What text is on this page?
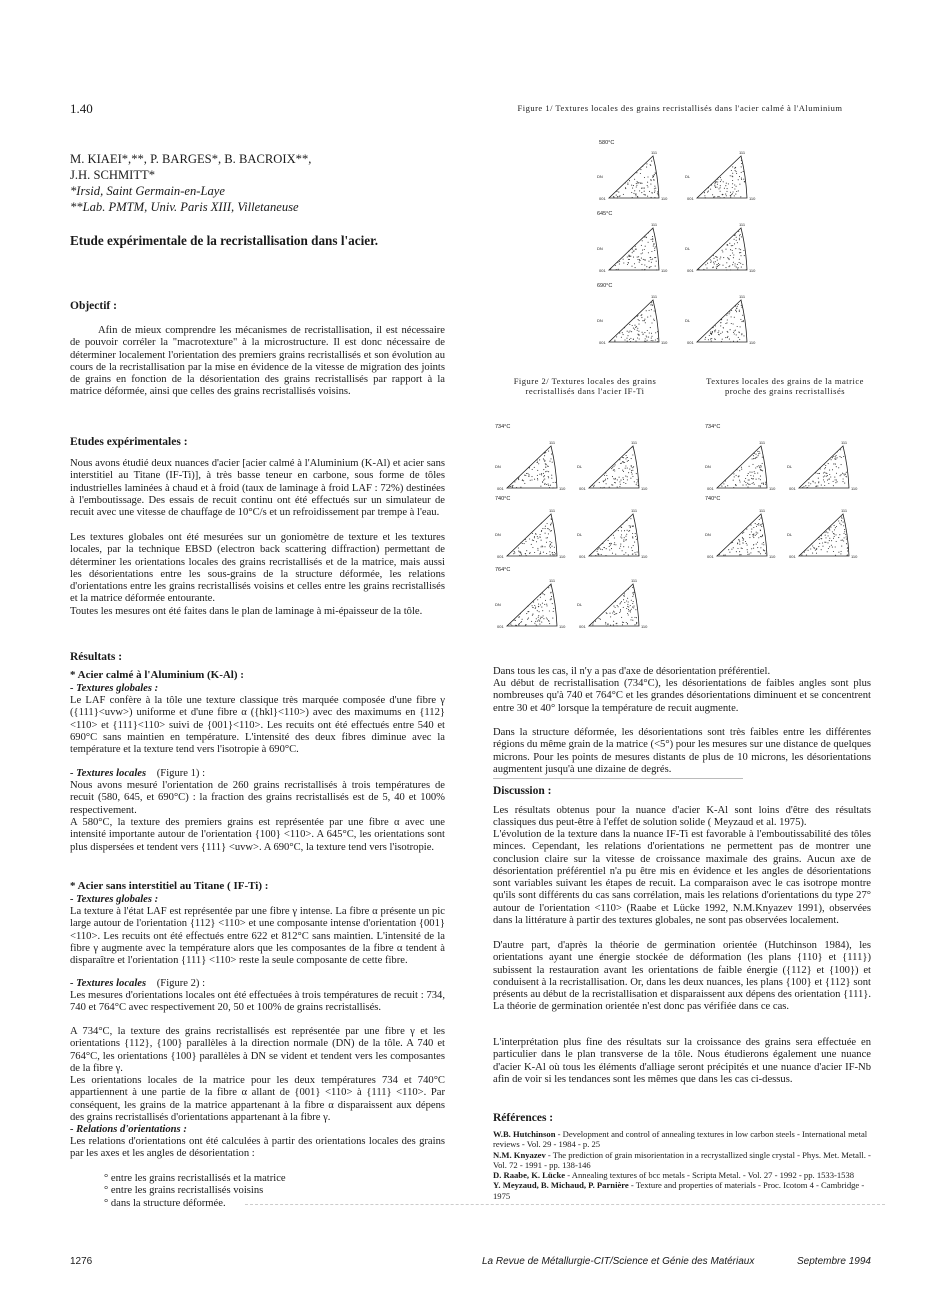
1.40
M. KIAEI*,**, P. BARGES*, B. BACROIX**,
J.H. SCHMITT*
*Irsid, Saint Germain-en-Laye
**Lab. PMTM, Univ. Paris XIII, Villetaneuse
Etude expérimentale de la recristallisation dans l'acier.
Objectif :

Afin de mieux comprendre les mécanismes de recristallisation, il est nécessaire de pouvoir corréler la "macrotexture" à la microstructure. Il est donc nécessaire de déterminer localement l'orientation des premiers grains recristallisés et son évolution au cours de la recristallisation par la mise en évidence de la vitesse de migration des joints de grains en fonction de la désorientation des grains recristallisés par rapport à la matrice déformée, ainsi que celles des grains recristallisés voisins.

Etudes expérimentales :

Nous avons étudié deux nuances d'acier [acier calmé à l'Aluminium (K-Al) et acier sans interstitiel au Titane (IF-Ti)], à très basse teneur en carbone, sous forme de tôles industrielles laminées à chaud et à froid (taux de laminage à froid LAF : 72%) destinées à l'emboutissage. Des essais de recuit continu ont été effectués sur un simulateur de recuit avec une vitesse de chauffage de 10°C/s et un refroidissement par trempe à l'eau.

Les textures globales ont été mesurées sur un goniomètre de texture et les textures locales, par la technique EBSD (electron back scattering diffraction) permettant de déterminer les orientations locales des grains recristallisés et de la matrice, mais aussi les désorientations entre les sous-grains de la structure déformée, les relations d'orientations entre les grains recristallisés voisins et celles entre les grains recristallisés et la matrice déformée entourante.

Toutes les mesures ont été faites dans le plan de laminage à mi-épaisseur de la tôle.

Résultats :
* Acier calmé à l'Aluminium (K-Al) :
- Textures globales :

Le LAF confère à la tôle une texture classique très marquée composée d'une fibre γ ({111}<uvw>) uniforme et d'une fibre α ({hkl}<110>) avec des maximums en {112}<110> et {111}<110> suivi de {001}<110>. Les recuits ont été effectués entre 540 et 690°C sans maintien en température. L'intensité des deux fibres diminue avec la température et la texture tend vers l'isotropie à 690°C.

- Textures locales (Figure 1) :

Nous avons mesuré l'orientation de 260 grains recristallisés à trois températures de recuit (580, 645, et 690°C) : la fraction des grains recristallisés est de 5, 40 et 100% respectivement.

A 580°C, la texture des premiers grains est représentée par une fibre α avec une intensité importante autour de l'orientation {100} <110>. A 645°C, les orientations sont plus dispersées et tendent vers {111} <uvw>. A 690°C, la texture tend vers l'isotropie.

* Acier sans interstitiel au Titane ( IF-Ti) :
- Textures globales :

La texture à l'état LAF est représentée par une fibre γ intense. La fibre α présente un pic large autour de l'orientation {112} <110> et une composante intense d'orientation {001} <110>. Les recuits ont été effectués entre 622 et 812°C sans maintien. L'intensité de la fibre γ augmente avec la température alors que les composantes de la fibre α tendent à disparaître et l'orientation {111} <110> reste la seule composante de cette fibre.

- Textures locales (Figure 2) :

Les mesures d'orientations locales ont été effectuées à trois températures de recuit : 734, 740 et 764°C avec respectivement 20, 50 et 100% de grains recristallisés.

A 734°C, la texture des grains recristallisés est représentée par une fibre γ et les orientations {112}, {100} parallèles à la direction normale (DN) de la tôle. A 740 et 764°C, les orientations {100} parallèles à DN se vident et tendent vers les composantes de la fibre γ.

Les orientations locales de la matrice pour les deux températures 734 et 740°C appartiennent à une partie de la fibre α allant de {001} <110> à {111} <110>. Par conséquent, les grains de la matrice appartenant à la fibre α disparaissent aux dépens des grains recristallisés d'orientations appartenant à la fibre γ.

- Relations d'orientations :

Les relations d'orientations ont été calculées à partir des orientations locales des grains par les axes et les angles de désorientation :

° entre les grains recristallisés et la matrice
° entre les grains recristallisés voisins
° dans la structure déformée.
Figure 1/ Textures locales des grains recristallisés dans l'acier calmé à l'Aluminium
580°C
645°C
690°C
111
001	110
DN
111
001	110
DL
111
001	110
DN
111
001	110
DL
111
001	110
DN
111
001	110
DL
Figure 2/ Textures locales des grains recristallisés dans l'acier IF-Ti
Textures locales des grains de la matrice proche des grains recristallisés
734°C
740°C
764°C
111
001	110
DN
111
001	110
DL
111
001	110
DN
111
001	110
DL
111
001	110
DN
111
001	110
DL
734°C
740°C
111
001	110
DN
111
001	110
DL
111
001	110
DN
111
001	110
DL

Dans tous les cas, il n'y a pas d'axe de désorientation préférentiel.

Au début de recristallisation (734°C), les désorientations de faibles angles sont plus nombreuses qu'à 740 et 764°C et les grandes désorientations diminuent et se concentrent entre 30 et 40° lorsque la température de recuit augmente.

Dans la structure déformée, les désorientations sont très faibles entre les différentes régions du même grain de la matrice (<5°) pour les mesures sur une distance de quelques microns. Pour les points de mesures distants de plus de 10 microns, les désorientations augmentent jusqu'à une dizaine de degrés.

Discussion :

Les résultats obtenus pour la nuance d'acier K-Al sont loins d'être des résultats classiques dus peut-être à l'effet de solution solide ( Meyzaud et al. 1975).

L'évolution de la texture dans la nuance IF-Ti est favorable à l'emboutissabilité des tôles minces. Cependant, les relations d'orientations ne permettent pas de montrer une conclusion claire sur la vitesse de croissance maximale des grains. Aucun axe de désorientation préférentiel n'a pu être mis en évidence et les angles de désorientations sont variables suivant les étapes de recuit. La comparaison avec le cas isotrope montre qu'ils sont différents du cas sans corrélation, mais les relations d'orientations du type 27° autour de l'orientation <110> (Raabe et Lücke 1992, N.M.Knyazev 1991), observées dans la littérature à partir des textures globales, ne sont pas observées localement.

D'autre part, d'après la théorie de germination orientée (Hutchinson 1984), les orientations ayant une énergie stockée de déformation (les plans {110} et {111}) subissent la restauration avant les orientations de faible énergie ({112} et {100}) et conduisent à la recristallisation. Or, dans les deux nuances, les plans {100} et {112} sont présents au début de la recristallisation et disparaissent aux dépens des orientation {111}. La théorie de germination orientée n'est donc pas vérifiée dans ce cas.

L'interprétation plus fine des résultats sur la croissance des grains sera effectuée en particulier dans le plan transverse de la tôle. Nous étudierons également une nuance d'acier K-Al où tous les éléments d'alliage seront précipités et une nuance d'acier IF-Nb afin de voir si les tendances sont les mêmes que dans les cas ci-dessus.

Références :

W.B. Hutchinson - Development and control of annealing textures in low carbon steels - International metal reviews - Vol. 29 - 1984 - p. 25

N.M. Knyazev - The prediction of grain misorientation in a recrystallized single crystal - Phys. Met. Metall. - Vol. 72 - 1991 - pp. 138-146

D. Raabe, K. Lücke - Annealing textures of bcc metals - Scripta Metal. - Vol. 27 - 1992 - pp. 1533-1538

Y. Meyzaud, B. Michaud, P. Parnière - Texture and properties of materials - Proc. Icotom 4 - Cambridge - 1975

1276	La Revue de Métallurgie-CIT/Science et Génie des Matériaux	Septembre 1994
